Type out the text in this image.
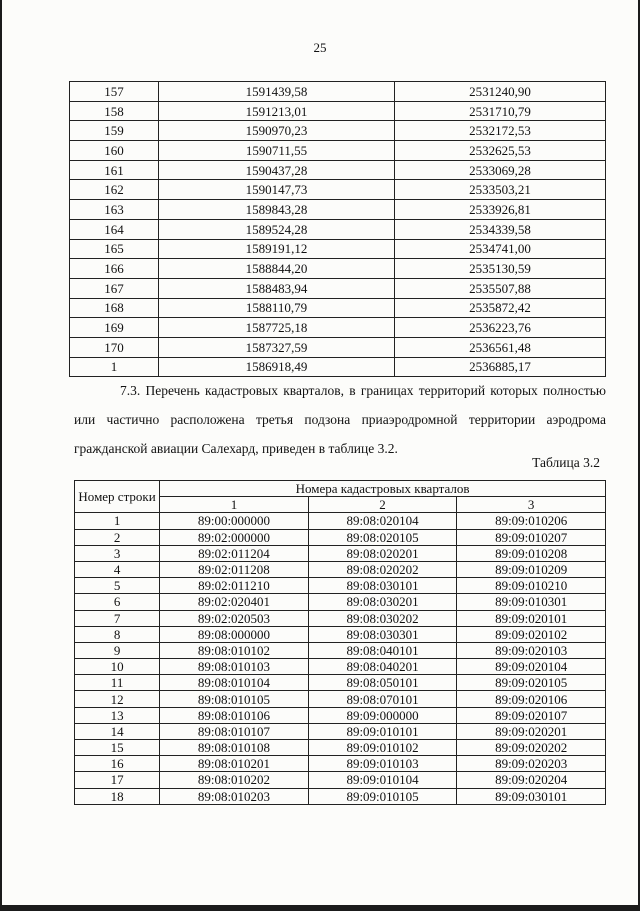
25
157	1591439,58	2531240,90
158	1591213,01	2531710,79
159	1590970,23	2532172,53
160	1590711,55	2532625,53
161	1590437,28	2533069,28
162	1590147,73	2533503,21
163	1589843,28	2533926,81
164	1589524,28	2534339,58
165	1589191,12	2534741,00
166	1588844,20	2535130,59
167	1588483,94	2535507,88
168	1588110,79	2535872,42
169	1587725,18	2536223,76
170	1587327,59	2536561,48
1	1586918,49	2536885,17
7.3. Перечень кадастровых кварталов, в границах территорий которых полностью или частично расположена третья подзона приаэродромной территории аэродрома гражданской авиации Салехард, приведен в таблице 3.2.
Таблица 3.2
Номер строки	Номера кадастровых кварталов		
	1	2	3
1	89:00:000000	89:08:020104	89:09:010206
2	89:02:000000	89:08:020105	89:09:010207
3	89:02:011204	89:08:020201	89:09:010208
4	89:02:011208	89:08:020202	89:09:010209
5	89:02:011210	89:08:030101	89:09:010210
6	89:02:020401	89:08:030201	89:09:010301
7	89:02:020503	89:08:030202	89:09:020101
8	89:08:000000	89:08:030301	89:09:020102
9	89:08:010102	89:08:040101	89:09:020103
10	89:08:010103	89:08:040201	89:09:020104
11	89:08:010104	89:08:050101	89:09:020105
12	89:08:010105	89:08:070101	89:09:020106
13	89:08:010106	89:09:000000	89:09:020107
14	89:08:010107	89:09:010101	89:09:020201
15	89:08:010108	89:09:010102	89:09:020202
16	89:08:010201	89:09:010103	89:09:020203
17	89:08:010202	89:09:010104	89:09:020204
18	89:08:010203	89:09:010105	89:09:030101
